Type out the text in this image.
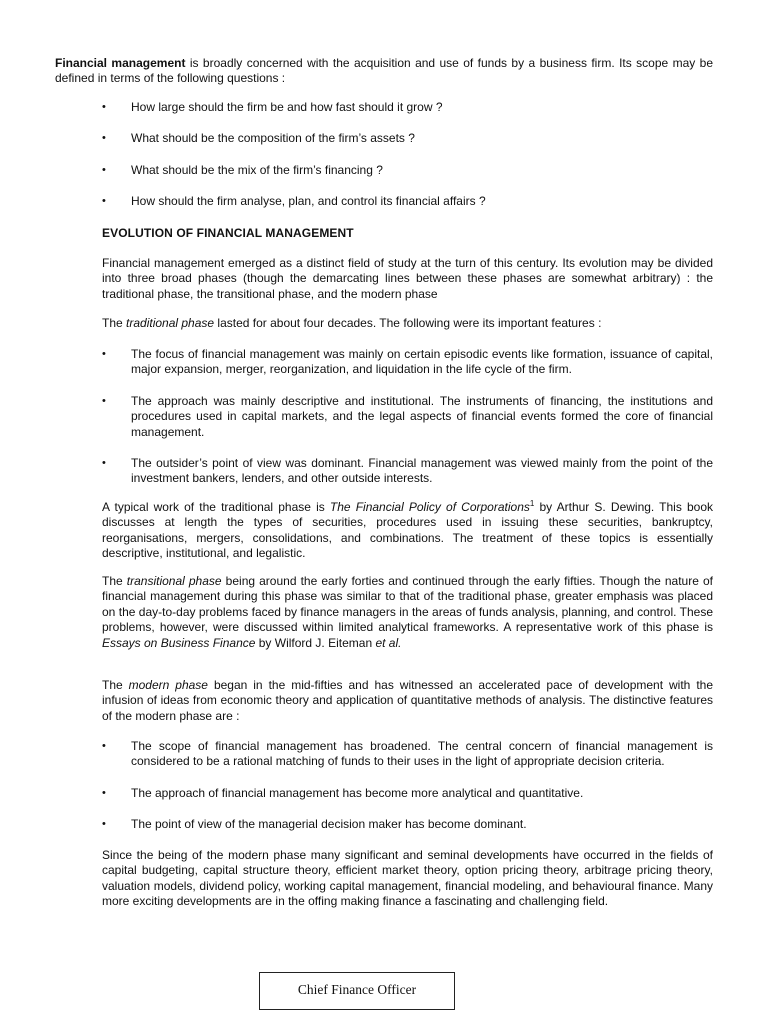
Financial management is broadly concerned with the acquisition and use of funds by a business firm. Its scope may be defined in terms of the following questions :

• How large should the firm be and how fast should it grow ?
• What should be the composition of the firm’s assets ?
• What should be the mix of the firm’s financing ?
• How should the firm analyse, plan, and control its financial affairs ?

EVOLUTION OF FINANCIAL MANAGEMENT

Financial management emerged as a distinct field of study at the turn of this century. Its evolution may be divided into three broad phases (though the demarcating lines between these phases are somewhat arbitrary) : the traditional phase, the transitional phase, and the modern phase

The traditional phase lasted for about four decades. The following were its important features :

• The focus of financial management was mainly on certain episodic events like formation, issuance of capital, major expansion, merger, reorganization, and liquidation in the life cycle of the firm.
• The approach was mainly descriptive and institutional. The instruments of financing, the institutions and procedures used in capital markets, and the legal aspects of financial events formed the core of financial management.
• The outsider’s point of view was dominant. Financial management was viewed mainly from the point of the investment bankers, lenders, and other outside interests.

A typical work of the traditional phase is The Financial Policy of Corporations$^1$ by Arthur S. Dewing. This book discusses at length the types of securities, procedures used in issuing these securities, bankruptcy, reorganisations, mergers, consolidations, and combinations. The treatment of these topics is essentially descriptive, institutional, and legalistic.

The transitional phase being around the early forties and continued through the early fifties. Though the nature of financial management during this phase was similar to that of the traditional phase, greater emphasis was placed on the day-to-day problems faced by finance managers in the areas of funds analysis, planning, and control. These problems, however, were discussed within limited analytical frameworks. A representative work of this phase is Essays on Business Finance by Wilford J. Eiteman et al.

The modern phase began in the mid-fifties and has witnessed an accelerated pace of development with the infusion of ideas from economic theory and application of quantitative methods of analysis. The distinctive features of the modern phase are :

• The scope of financial management has broadened. The central concern of financial management is considered to be a rational matching of funds to their uses in the light of appropriate decision criteria.
• The approach of financial management has become more analytical and quantitative.
• The point of view of the managerial decision maker has become dominant.

Since the being of the modern phase many significant and seminal developments have occurred in the fields of capital budgeting, capital structure theory, efficient market theory, option pricing theory, arbitrage pricing theory, valuation models, dividend policy, working capital management, financial modeling, and behavioural finance. Many more exciting developments are in the offing making finance a fascinating and challenging field.

Chief Finance Officer
